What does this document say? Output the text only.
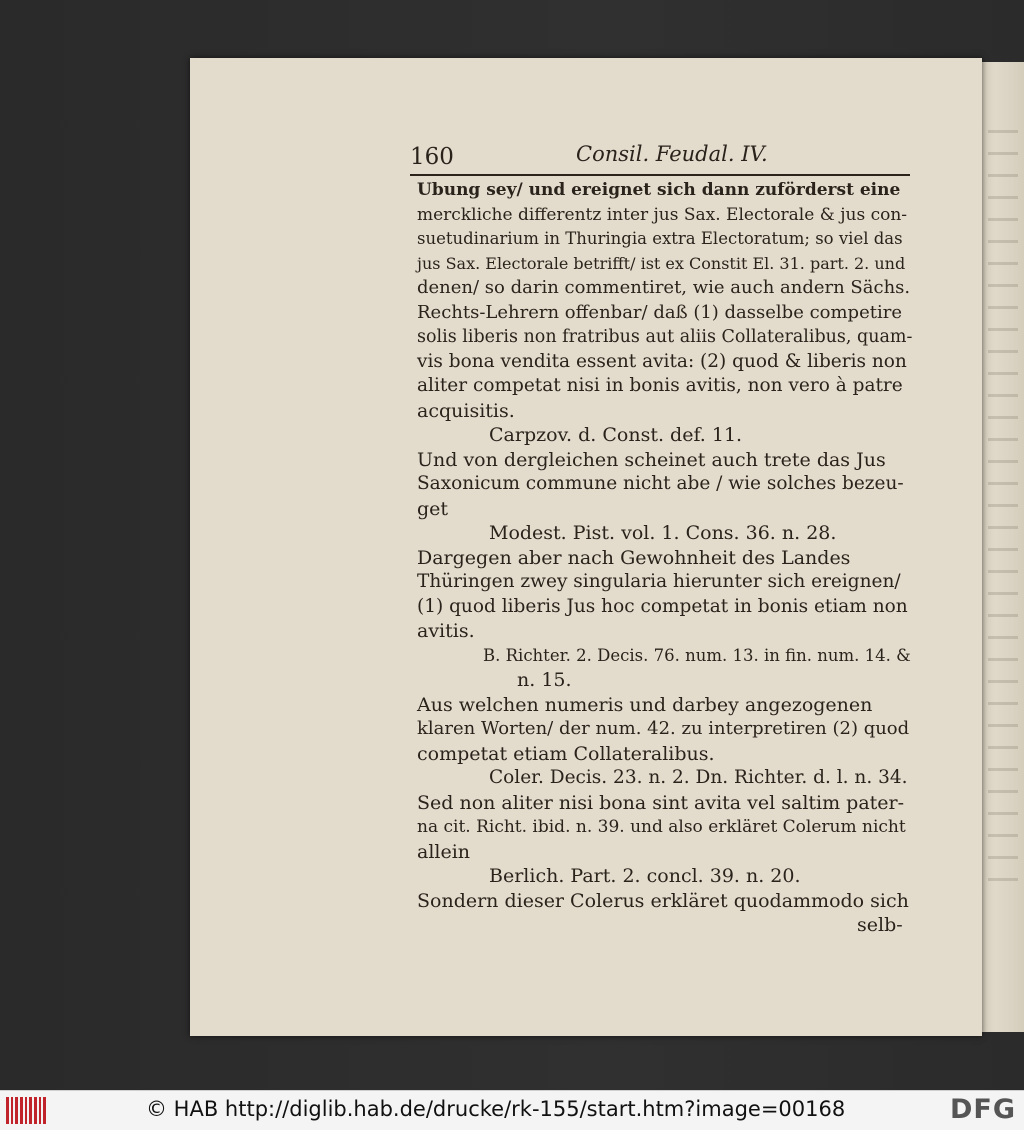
160	Consil. Feudal. IV.
Ubung sey/ und ereignet sich dann zuförderst eine
merckliche differentz inter jus Sax. Electorale & jus con-
suetudinarium in Thuringia extra Electoratum; so viel das
jus Sax. Electorale betrifft/ ist ex Constit El. 31. part. 2. und
denen/ so darin commentiret, wie auch andern Sächs.
Rechts-Lehrern offenbar/ daß (1) dasselbe competire
solis liberis non fratribus aut aliis Collateralibus, quam-
vis bona vendita essent avita: (2) quod & liberis non
aliter competat nisi in bonis avitis, non vero à patre
acquisitis.
Carpzov. d. Const. def. 11.
Und von dergleichen scheinet auch trete das Jus
Saxonicum commune nicht abe / wie solches bezeu-
get
Modest. Pist. vol. 1. Cons. 36. n. 28.
Dargegen aber nach Gewohnheit des Landes
Thüringen zwey singularia hierunter sich ereignen/
(1) quod liberis Jus hoc competat in bonis etiam non
avitis.
B. Richter. 2. Decis. 76. num. 13. in fin. num. 14. &
n. 15.
Aus welchen numeris und darbey angezogenen
klaren Worten/ der num. 42. zu interpretiren (2) quod
competat etiam Collateralibus.
Coler. Decis. 23. n. 2. Dn. Richter. d. l. n. 34.
Sed non aliter nisi bona sint avita vel saltim pater-
na cit. Richt. ibid. n. 39. und also erkläret Colerum nicht
allein
Berlich. Part. 2. concl. 39. n. 20.
Sondern dieser Colerus erkläret quodammodo sich
selb-
© HAB http://diglib.hab.de/drucke/rk-155/start.htm?image=00168	DFG
